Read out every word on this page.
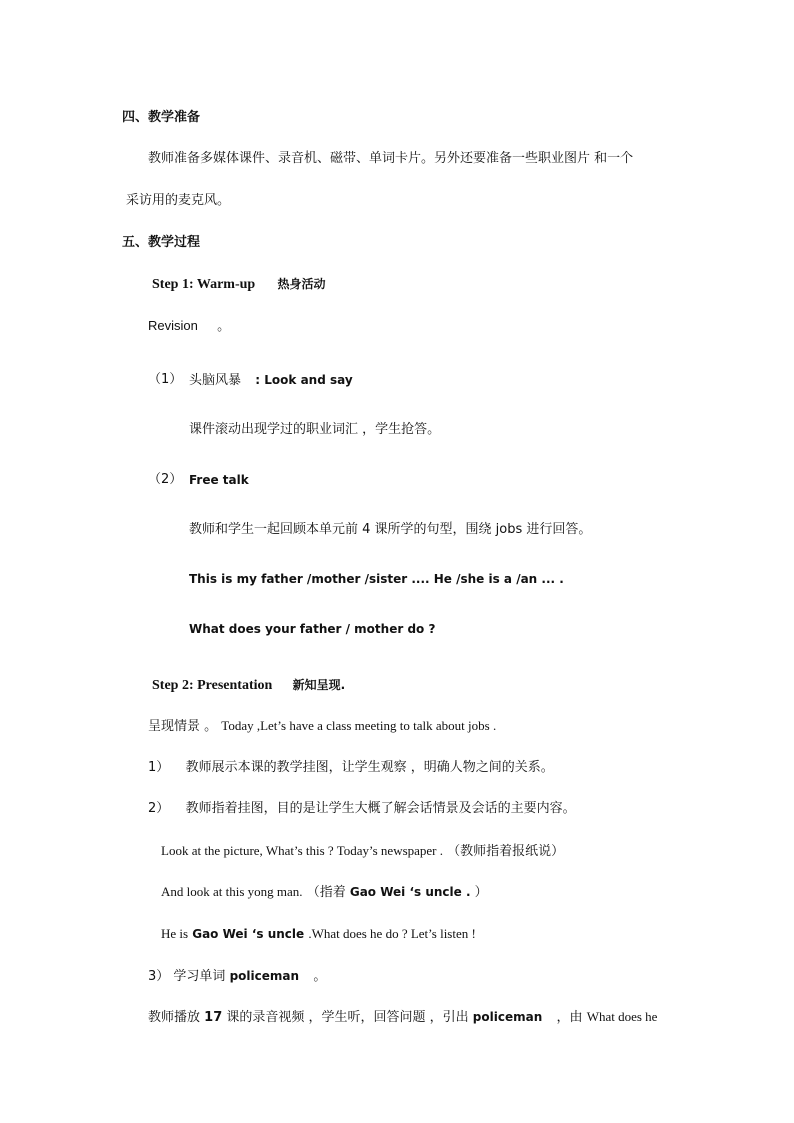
四、教学准备
教师准备多媒体课件、录音机、磁带、单词卡片。另外还要准备一些职业图片 和一个
采访用的麦克风。
五、教学过程
Step 1: Warm-up 热身活动
Revision 。
（1） 头脑风暴 : Look and say
课件滚动出现学过的职业词汇 ，学生抢答。
（2） Free talk
教师和学生一起回顾本单元前 4 课所学的句型，围绕 jobs 进行回答。
This is my father /mother /sister .... He /she is a /an ... .
What does your father / mother do ?
Step 2: Presentation 新知呈现.
呈现情景 。 Today ,Let’s have a class meeting to talk about jobs .
1） 教师展示本课的教学挂图，让学生观察 ，明确人物之间的关系。
2） 教师指着挂图，目的是让学生大概了解会话情景及会话的主要内容。
Look at the picture, What’s this ? Today’s newspaper . （教师指着报纸说）
And look at this yong man. （指着 Gao Wei ‘s uncle . ）
He is Gao Wei ‘s uncle .What does he do ? Let’s listen !
3） 学习单词 policeman 。
教师播放 17 课的录音视频 ，学生听，回答问题 ，引出 policeman ，由 What does he
